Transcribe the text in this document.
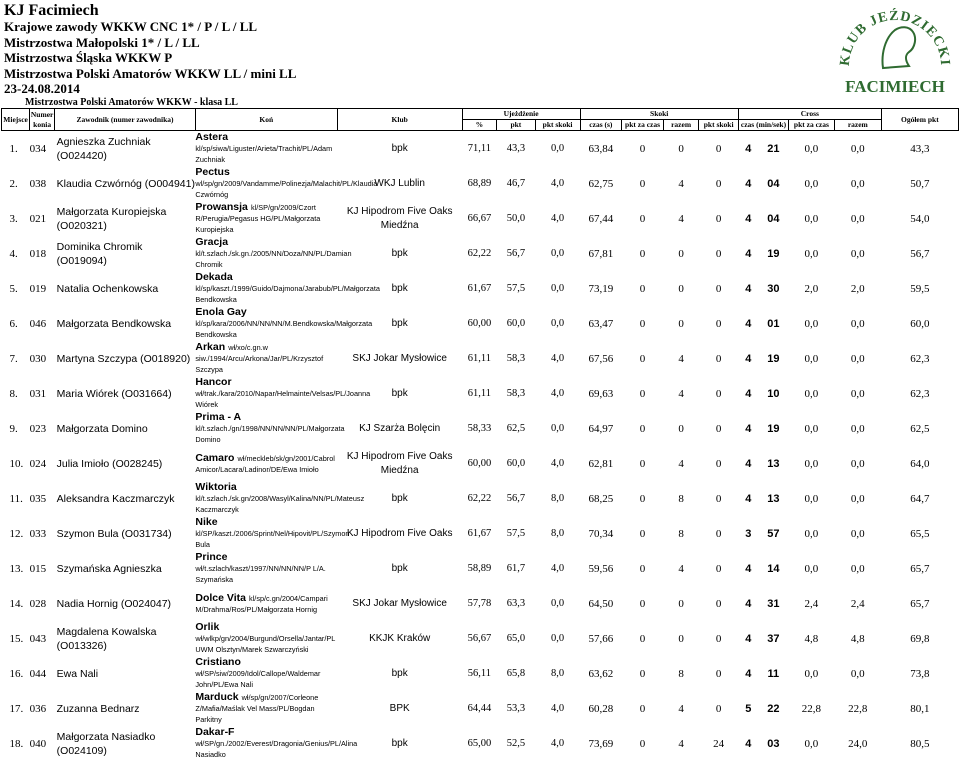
KJ Facimiech
Krajowe zawody WKKW CNC 1* / P / L / LL
Mistrzostwa Małopolski 1* / L / LL
Mistrzostwa Śląska WKKW P
Mistrzostwa Polski Amatorów WKKW LL / mini LL
23-24.08.2014
KLUB JEŹDZIECKI
FACIMIECH
Mistrzostwa Polski Amatorów WKKW - klasa LL
Miejsce	Numer konia	Zawodnik (numer zawodnika)	Koń	Klub	Ujeżdżenie			Skoki				Cross				Ogółem pkt
					%	pkt	pkt skoki	czas (s)	pkt za czas	razem	pkt skoki	czas (min/sek)		pkt za czas	razem	
1.	034	Agnieszka Zuchniak (O024420)	Astera kl/sp/siwa/Liguster/Arieta/Trachit/PL/Adam Zuchniak	bpk	71,11	43,3	0,0	63,84	0	0	0	4	21	0,0	0,0	43,3
2.	038	Klaudia Czwórnóg (O004941)	Pectus wl/sp/gn/2009/Vandamme/Polinezja/Malachit/PL/Klaudia Czwórnóg	WKJ Lublin	68,89	46,7	4,0	62,75	0	4	0	4	04	0,0	0,0	50,7
3.	021	Małgorzata Kuropiejska (O020321)	Prowansja kl/SP/gn/2009/Czort R/Perugia/Pegasus HG/PL/Małgorzata Kuropiejska	KJ Hipodrom Five Oaks Miedźna	66,67	50,0	4,0	67,44	0	4	0	4	04	0,0	0,0	54,0
4.	018	Dominika Chromik (O019094)	Gracja kl/t.szlach./sk.gn./2005/NN/Doza/NN/PL/Damian Chromik	bpk	62,22	56,7	0,0	67,81	0	0	0	4	19	0,0	0,0	56,7
5.	019	Natalia Ochenkowska	Dekada kl/sp/kaszt./1999/Guido/Dajmona/Jarabub/PL/Małgorzata Bendkowska	bpk	61,67	57,5	0,0	73,19	0	0	0	4	30	2,0	2,0	59,5
6.	046	Małgorzata Bendkowska	Enola Gay kl/sp/kara/2006/NN/NN/NN/M.Bendkowska/Małgorzata Bendkowska	bpk	60,00	60,0	0,0	63,47	0	0	0	4	01	0,0	0,0	60,0
7.	030	Martyna Szczypa (O018920)	Arkan wł/xo/c.gn.w siw./1994/Arcu/Arkona/Jar/PL/Krzysztof Szczypa	SKJ Jokar Mysłowice	61,11	58,3	4,0	67,56	0	4	0	4	19	0,0	0,0	62,3
8.	031	Maria Wiórek (O031664)	Hancor wł/trak./kara/2010/Napar/Helmainte/Velsas/PL/Joanna Wiórek	bpk	61,11	58,3	4,0	69,63	0	4	0	4	10	0,0	0,0	62,3
9.	023	Małgorzata Domino	Prima - A kl/t.szlach./gn/1998/NN/NN/NN/PL/Małgorzata Domino	KJ Szarża Bolęcin	58,33	62,5	0,0	64,97	0	0	0	4	19	0,0	0,0	62,5
10.	024	Julia Imioło (O028245)	Camaro wł/meckleb/sk/gn/2001/Cabrol Amicor/Lacara/Ladinor/DE/Ewa Imioło	KJ Hipodrom Five Oaks Miedźna	60,00	60,0	4,0	62,81	0	4	0	4	13	0,0	0,0	64,0
11.	035	Aleksandra Kaczmarczyk	Wiktoria kl/t.szlach./sk.gn/2008/Wasyl/Kalina/NN/PL/Mateusz Kaczmarczyk	bpk	62,22	56,7	8,0	68,25	0	8	0	4	13	0,0	0,0	64,7
12.	033	Szymon Bula (O031734)	Nike kl/SP/kaszt./2006/Sprint/Nel/Hipovit/PL/Szymon Bula	KJ Hipodrom Five Oaks	61,67	57,5	8,0	70,34	0	8	0	3	57	0,0	0,0	65,5
13.	015	Szymańska Agnieszka	Prince wł/t.szlach/kaszt/1997/NN/NN/NN/P L/A. Szymańska	bpk	58,89	61,7	4,0	59,56	0	4	0	4	14	0,0	0,0	65,7
14.	028	Nadia Hornig (O024047)	Dolce Vita kl/sp/c.gn/2004/Campari M/Drahma/Ros/PL/Małgorzata Hornig	SKJ Jokar Mysłowice	57,78	63,3	0,0	64,50	0	0	0	4	31	2,4	2,4	65,7
15.	043	Magdalena Kowalska (O013326)	Orlik wł/wlkp/gn/2004/Burgund/Orsella/Jantar/PL UWM Olsztyn/Marek Szwarczyński	KKJK Kraków	56,67	65,0	0,0	57,66	0	0	0	4	37	4,8	4,8	69,8
16.	044	Ewa Nali	Cristiano wł/SP/siw/2009/Idol/Callope/Waldemar John/PL/Ewa Nali	bpk	56,11	65,8	8,0	63,62	0	8	0	4	11	0,0	0,0	73,8
17.	036	Zuzanna Bednarz	Marduck wł/sp/gn/2007/Corleone Z/Mafia/Maślak Vel Mass/PL/Bogdan Parkitny	BPK	64,44	53,3	4,0	60,28	0	4	0	5	22	22,8	22,8	80,1
18.	040	Małgorzata Nasiadko (O024109)	Dakar-F wł/SP/gn./2002/Everest/Dragonia/Genius/PL/Alina Nasiadko	bpk	65,00	52,5	4,0	73,69	0	4	24	4	03	0,0	24,0	80,5
